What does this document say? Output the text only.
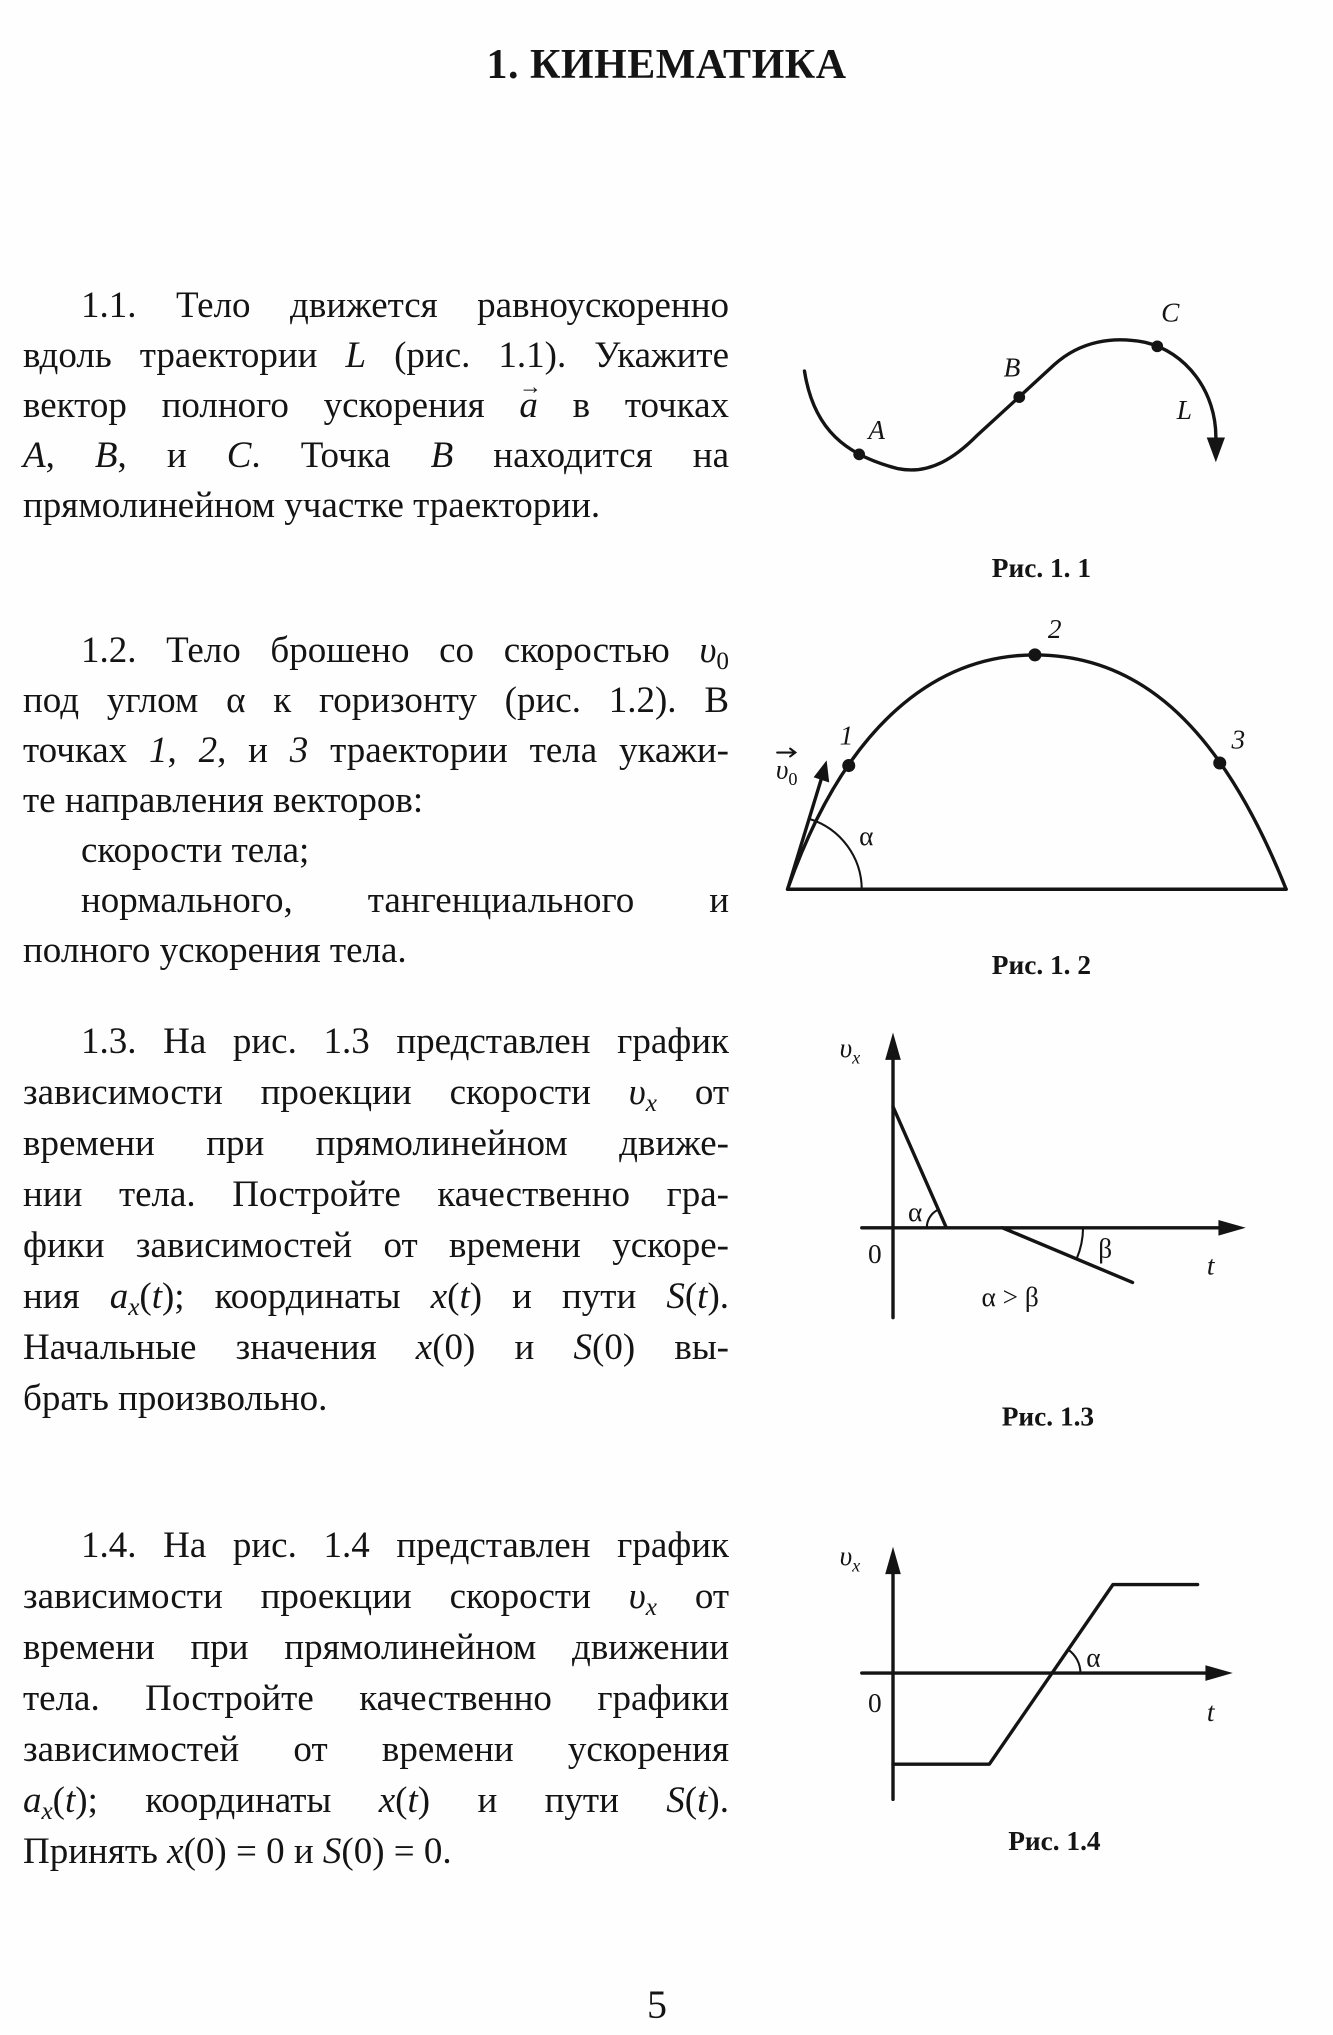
1. КИНЕМАТИКА
1.1. Тело движется равноускоренно
вдоль траектории L (рис. 1.1). Укажите
вектор полного ускорения a → в точках
A, B, и C. Точка B находится на
прямолинейном участке траектории.
1.2. Тело брошено со скоростью $\upsilon_0$
под углом α к горизонту (рис. 1.2). В
точках 1, 2, и 3 траектории тела укажи-
те направления векторов:
скорости тела;
нормального, тангенциального и
полного ускорения тела.
1.3. На рис. 1.3 представлен график
зависимости проекции скорости υx от
времени при прямолинейном движе-
нии тела. Постройте качественно гра-
фики зависимостей от времени ускоре-
ния ax(t); координаты x(t) и пути S(t).
Начальные значения x(0) и S(0) вы-
брать произвольно.
1.4. На рис. 1.4 представлен график
зависимости проекции скорости υx от
времени при прямолинейном движении
тела. Постройте качественно графики
зависимостей от времени ускорения
ax(t); координаты x(t) и пути S(t).
Принять x(0) = 0 и S(0) = 0.
A
B
C
L
Рис. 1. 1
1
2
3
$\upsilon_0$
α
Рис. 1. 2
$\upsilon_x$
0	t
α
β
α > β
Рис. 1.3
$\upsilon_x$
0	t
α
Рис. 1.4
5
